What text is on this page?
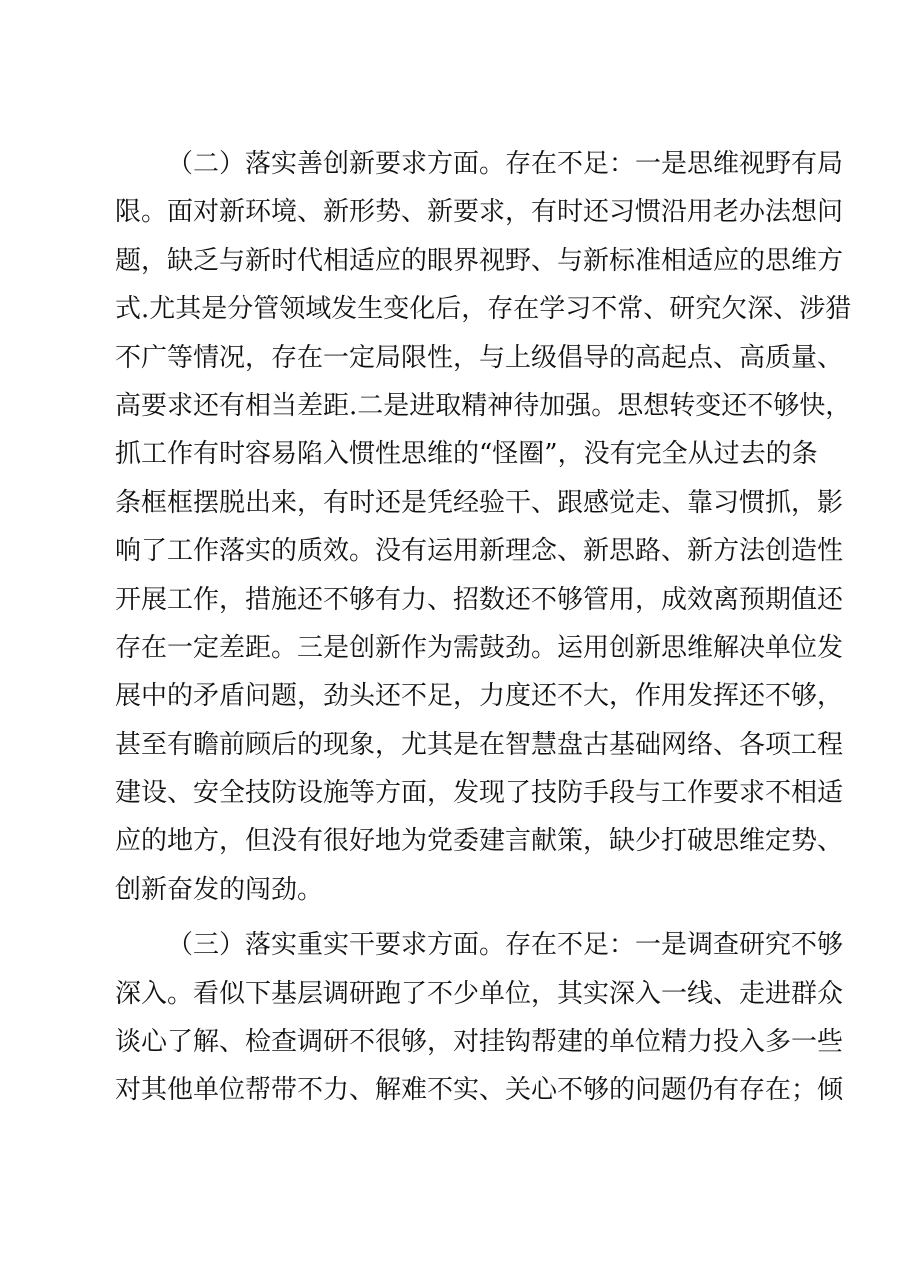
（二）落实善创新要求方面。存在不足：一是思维视野有局
限。面对新环境、新形势、新要求，有时还习惯沿用老办法想问
题，缺乏与新时代相适应的眼界视野、与新标准相适应的思维方
式.尤其是分管领域发生变化后，存在学习不常、研究欠深、涉猎
不广等情况，存在一定局限性，与上级倡导的高起点、高质量、
高要求还有相当差距.二是进取精神待加强。思想转变还不够快，
抓工作有时容易陷入惯性思维的“怪圈”，没有完全从过去的条
条框框摆脱出来，有时还是凭经验干、跟感觉走、靠习惯抓，影
响了工作落实的质效。没有运用新理念、新思路、新方法创造性
开展工作，措施还不够有力、招数还不够管用，成效离预期值还
存在一定差距。三是创新作为需鼓劲。运用创新思维解决单位发
展中的矛盾问题，劲头还不足，力度还不大，作用发挥还不够，
甚至有瞻前顾后的现象，尤其是在智慧盘古基础网络、各项工程
建设、安全技防设施等方面，发现了技防手段与工作要求不相适
应的地方，但没有很好地为党委建言献策，缺少打破思维定势、
创新奋发的闯劲。
（三）落实重实干要求方面。存在不足：一是调查研究不够
深入。看似下基层调研跑了不少单位，其实深入一线、走进群众
谈心了解、检查调研不很够，对挂钩帮建的单位精力投入多一些
对其他单位帮带不力、解难不实、关心不够的问题仍有存在；倾
